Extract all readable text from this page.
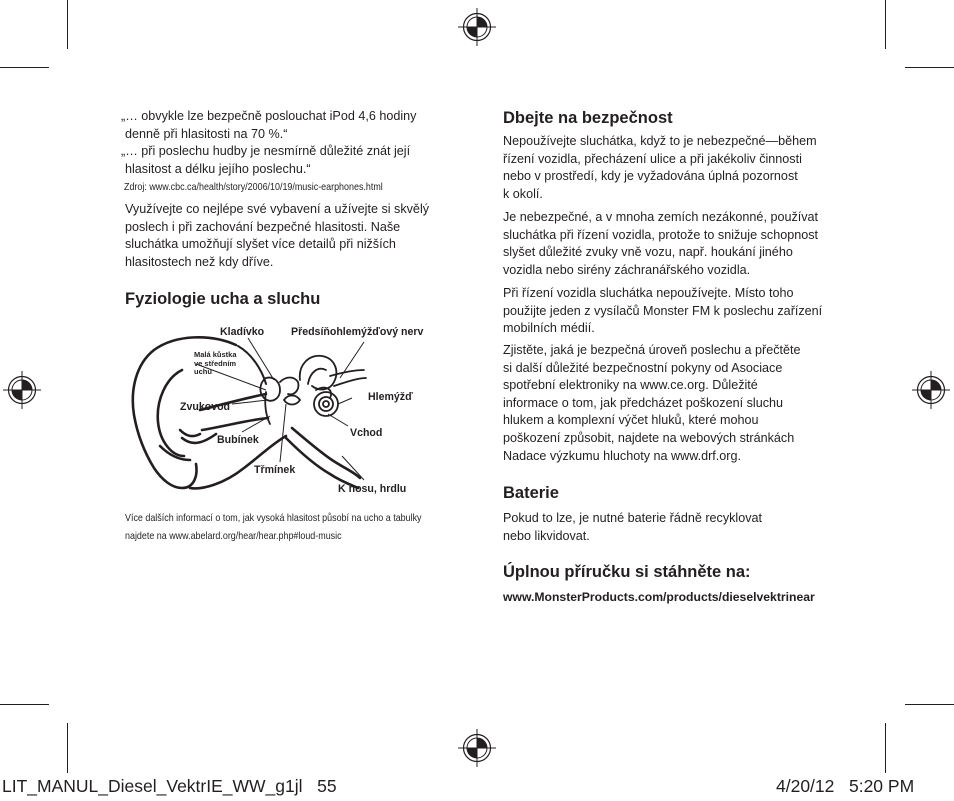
„… obvykle lze bezpečně poslouchat iPod 4,6 hodiny
denně při hlasitosti na 70 %.“
„… při poslechu hudby je nesmírně důležité znát její
hlasitost a délku jejího poslechu.“
Zdroj: www.cbc.ca/health/story/2006/10/19/music-earphones.html
Využívejte co nejlépe své vybavení a užívejte si skvělý
poslech i při zachování bezpečné hlasitosti. Naše
sluchátka umožňují slyšet více detailů při nižších
hlasitostech než kdy dříve.
Fyziologie ucha a sluchu
Kladívko	Předsíňohlemýžďový nerv
Malá kůstka
ve středním
uchu
Hlemýžď
Zvukovod
Vchod
Bubínek
Třmínek
K nosu, hrdlu
Více dalších informací o tom, jak vysoká hlasitost působí na ucho a tabulky
najdete na www.abelard.org/hear/hear.php#loud-music
Dbejte na bezpečnost
Nepoužívejte sluchátka, když to je nebezpečné—během
řízení vozidla, přecházení ulice a při jakékoliv činnosti
nebo v prostředí, kdy je vyžadována úplná pozornost
k okolí.
Je nebezpečné, a v mnoha zemích nezákonné, používat
sluchátka při řízení vozidla, protože to snižuje schopnost
slyšet důležité zvuky vně vozu, např. houkání jiného
vozidla nebo sirény záchranářského vozidla.
Při řízení vozidla sluchátka nepoužívejte. Místo toho
použijte jeden z vysílačů Monster FM k poslechu zařízení
mobilních médií.
Zjistěte, jaká je bezpečná úroveň poslechu a přečtěte
si další důležité bezpečnostní pokyny od Asociace
spotřební elektroniky na www.ce.org. Důležité
informace o tom, jak předcházet poškození sluchu
hlukem a komplexní výčet hluků, které mohou
poškození způsobit, najdete na webových stránkách
Nadace výzkumu hluchoty na www.drf.org.
Baterie
Pokud to lze, je nutné baterie řádně recyklovat
nebo likvidovat.
Úplnou příručku si stáhněte na:
www.MonsterProducts.com/products/dieselvektrinear
LIT_MANUL_Diesel_VektrIE_WW_g1jl 55	4/20/12 5:20 PM
